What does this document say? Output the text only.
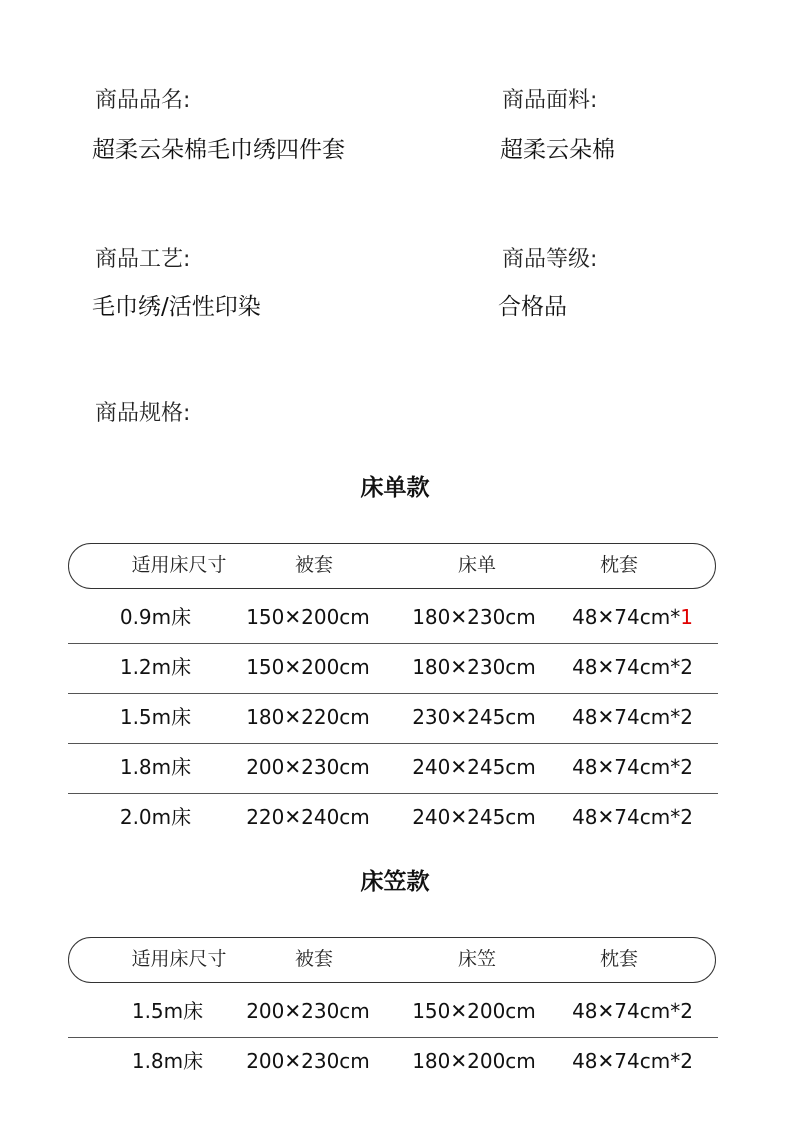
商品品名:
超柔云朵棉毛巾绣四件套
商品面料:
超柔云朵棉
商品工艺:
毛巾绣/活性印染
商品等级:
合格品
商品规格:
床单款
适用床尺寸	被套	床单	枕套
0.9m床	150✕200cm	180✕230cm	48✕74cm*1
1.2m床	150✕200cm	180✕230cm	48✕74cm*2
1.5m床	180✕220cm	230✕245cm	48✕74cm*2
1.8m床	200✕230cm	240✕245cm	48✕74cm*2
2.0m床	220✕240cm	240✕245cm	48✕74cm*2
床笠款
适用床尺寸	被套	床笠	枕套
1.5m床	200✕230cm	150✕200cm	48✕74cm*2
1.8m床	200✕230cm	180✕200cm	48✕74cm*2
